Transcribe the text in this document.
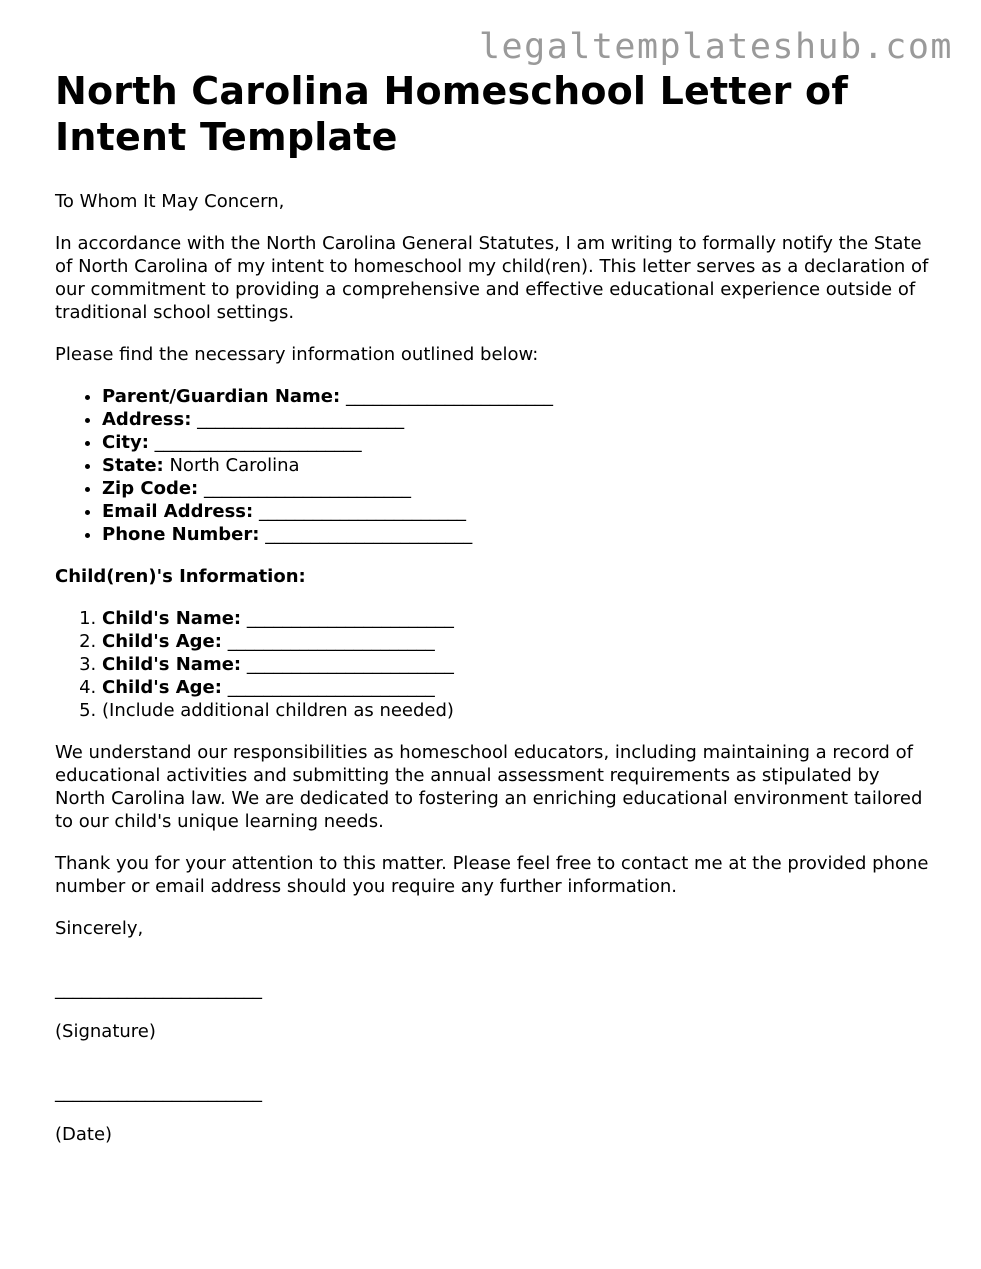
legaltemplateshub.com
North Carolina Homeschool Letter of Intent Template

To Whom It May Concern,

In accordance with the North Carolina General Statutes, I am writing to formally notify the State of North Carolina of my intent to homeschool my child(ren). This letter serves as a declaration of our commitment to providing a comprehensive and effective educational experience outside of traditional school settings.

Please find the necessary information outlined below:

• Parent/Guardian Name: _______________________
• Address: _______________________
• City: _______________________
• State: North Carolina
• Zip Code: _______________________
• Email Address: _______________________
• Phone Number: _______________________

Child(ren)'s Information:

1. Child's Name: _______________________
2. Child's Age: _______________________
3. Child's Name: _______________________
4. Child's Age: _______________________
5. (Include additional children as needed)

We understand our responsibilities as homeschool educators, including maintaining a record of educational activities and submitting the annual assessment requirements as stipulated by North Carolina law. We are dedicated to fostering an enriching educational environment tailored to our child's unique learning needs.

Thank you for your attention to this matter. Please feel free to contact me at the provided phone number or email address should you require any further information.

Sincerely,

_______________________

(Signature)

_______________________

(Date)
